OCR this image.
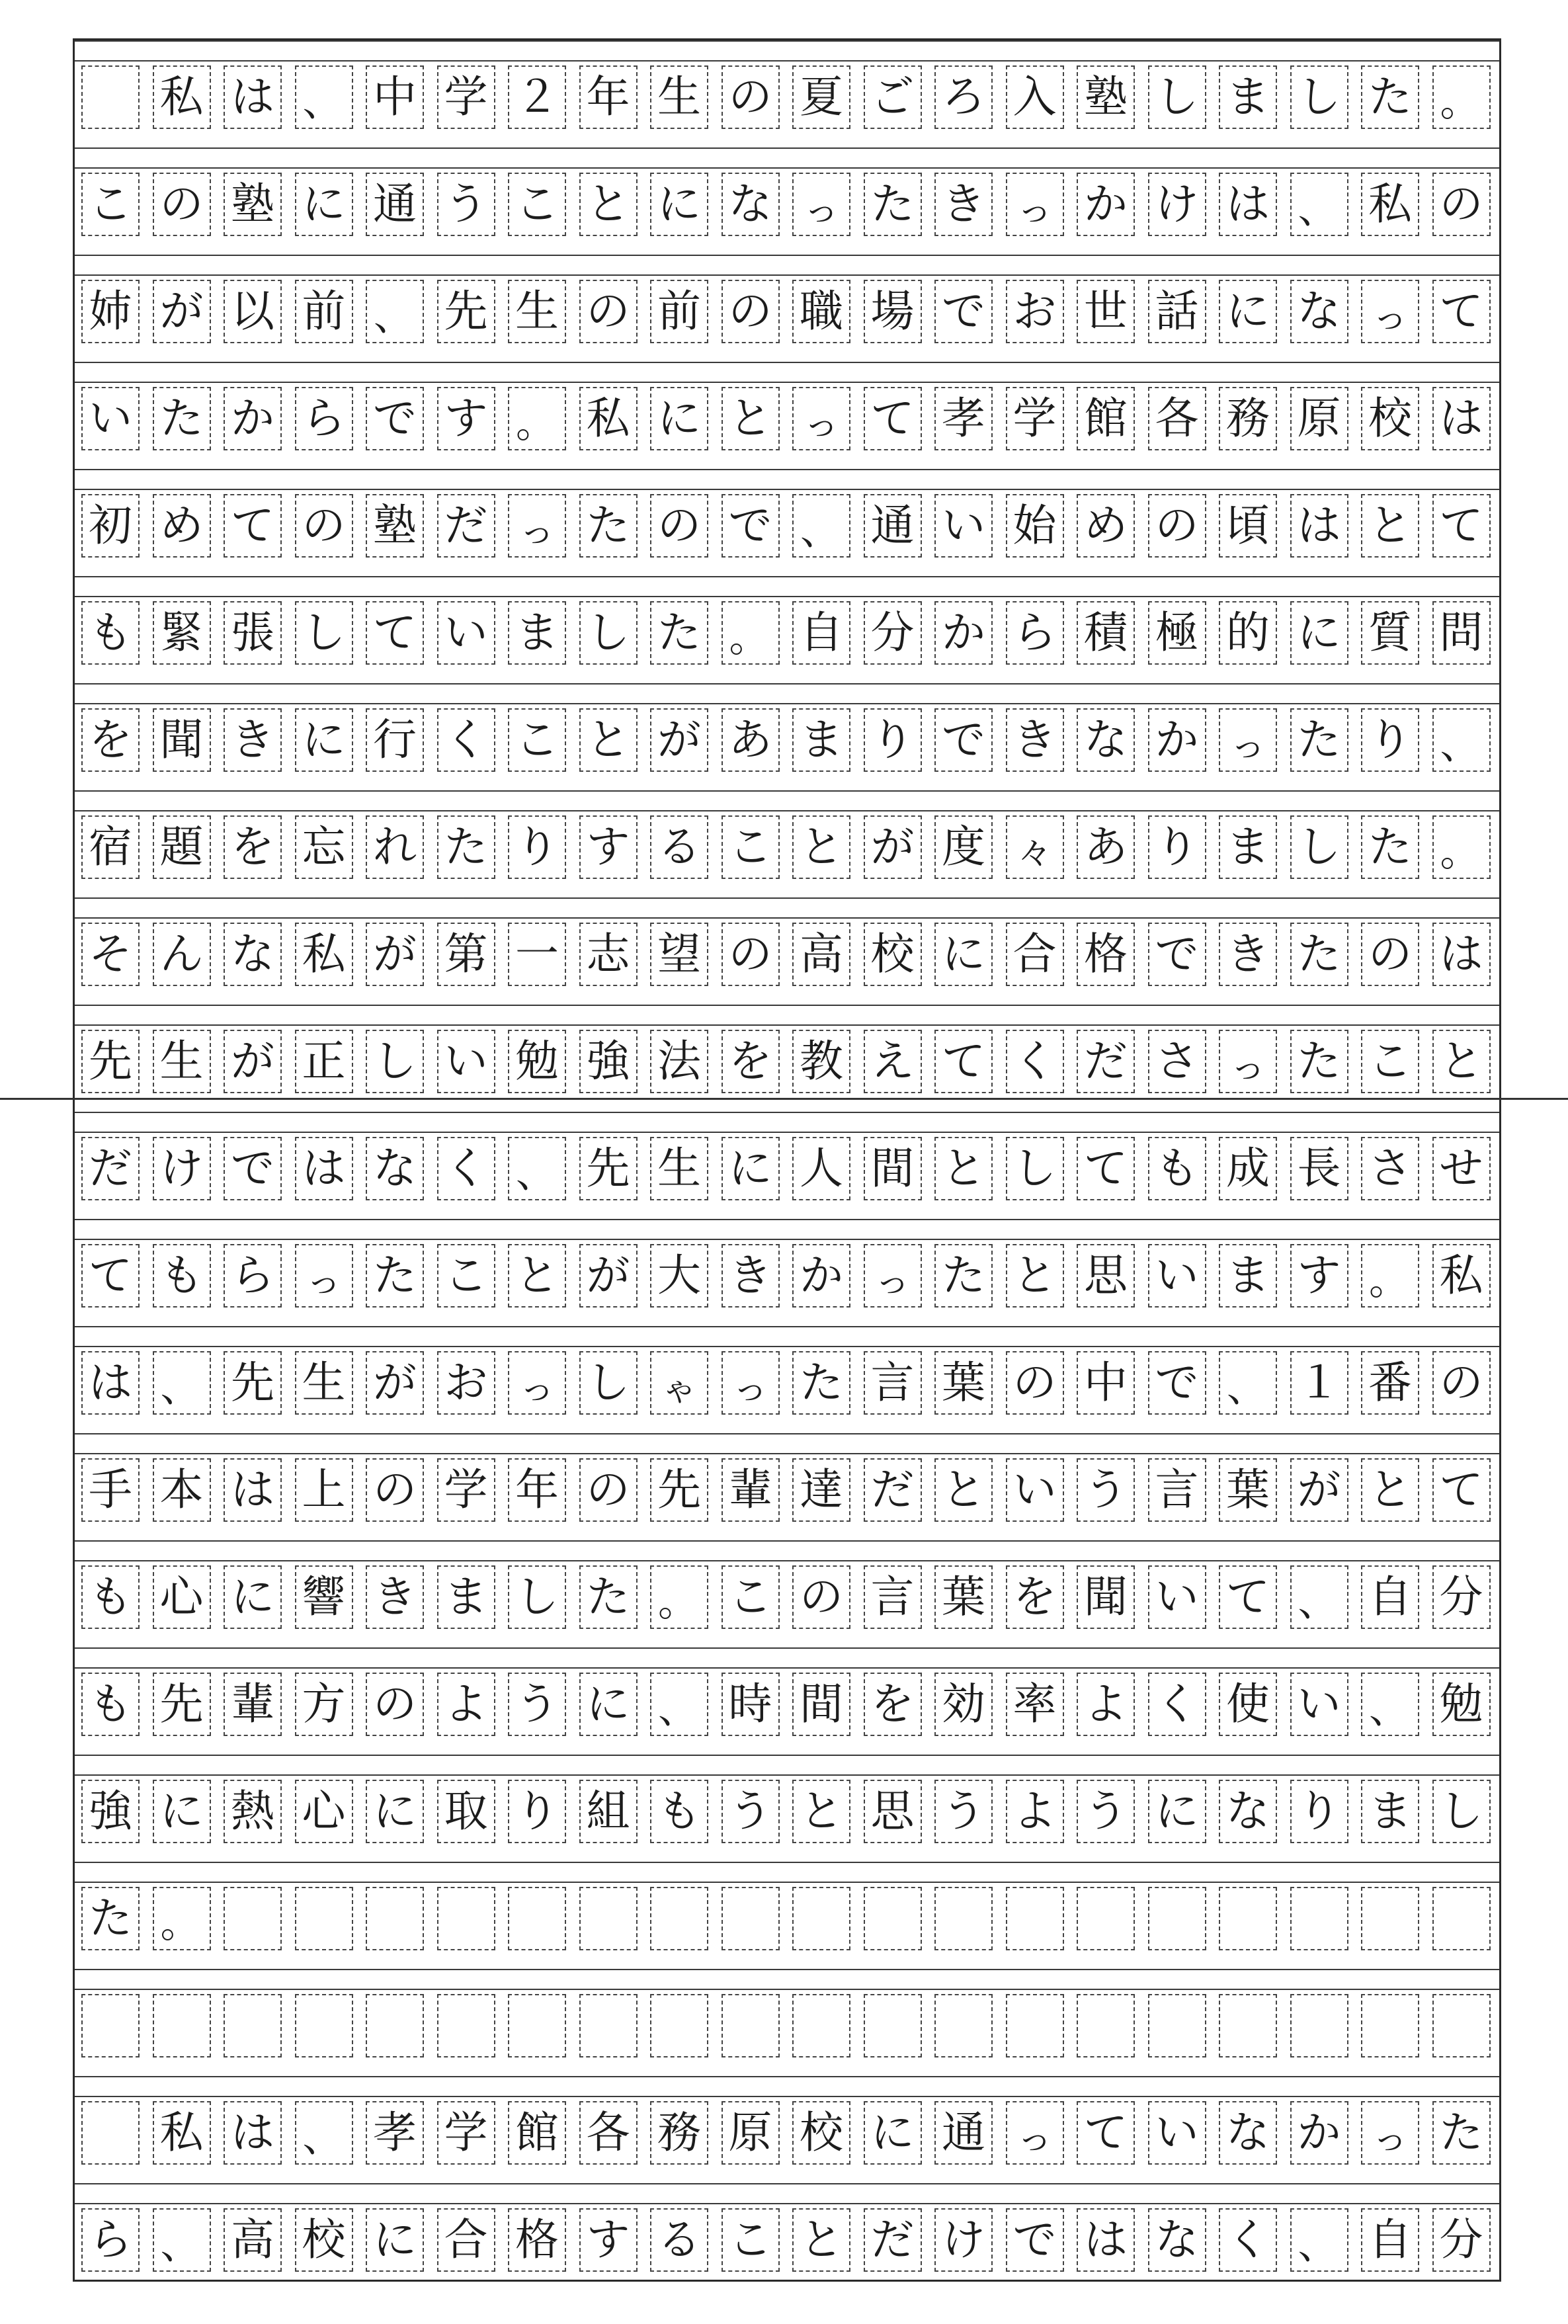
私 は 、 中 学 ２ 年 生 の 夏 ご ろ 入 塾 し ま し た 。
こ の 塾 に 通 う こ と に な っ た き っ か け は 、 私 の
姉 が 以 前 、 先 生 の 前 の 職 場 で お 世 話 に な っ て
い た か ら で す 。 私 に と っ て 孝 学 館 各 務 原 校 は
初 め て の 塾 だ っ た の で 、 通 い 始 め の 頃 は と て
も 緊 張 し て い ま し た 。 自 分 か ら 積 極 的 に 質 問
を 聞 き に 行 く こ と が あ ま り で き な か っ た り 、
宿 題 を 忘 れ た り す る こ と が 度 々 あ り ま し た 。
そ ん な 私 が 第 一 志 望 の 高 校 に 合 格 で き た の は
先 生 が 正 し い 勉 強 法 を 教 え て く だ さ っ た こ と
だ け で は な く 、 先 生 に 人 間 と し て も 成 長 さ せ
て も ら っ た こ と が 大 き か っ た と 思 い ま す 。 私
は 、 先 生 が お っ し ゃ	っ た 言 葉 の 中 で 、 １ 番 の
手 本 は 上 の 学 年 の 先 輩 達 だ と い う 言 葉 が と て
も 心 に 響 き ま し た 。 こ の 言 葉 を 聞 い て 、 自 分
も 先 輩 方 の よ う に 、 時 間 を 効 率 よ く 使 い 、 勉
強 に 熱 心 に 取 り 組 も う と 思 う よ う に な り ま し
た 。
私 は 、 孝 学 館 各 務 原 校 に 通 っ て い な か っ た
ら 、 高 校 に 合 格 す る こ と だ け で は な く 、 自 分
